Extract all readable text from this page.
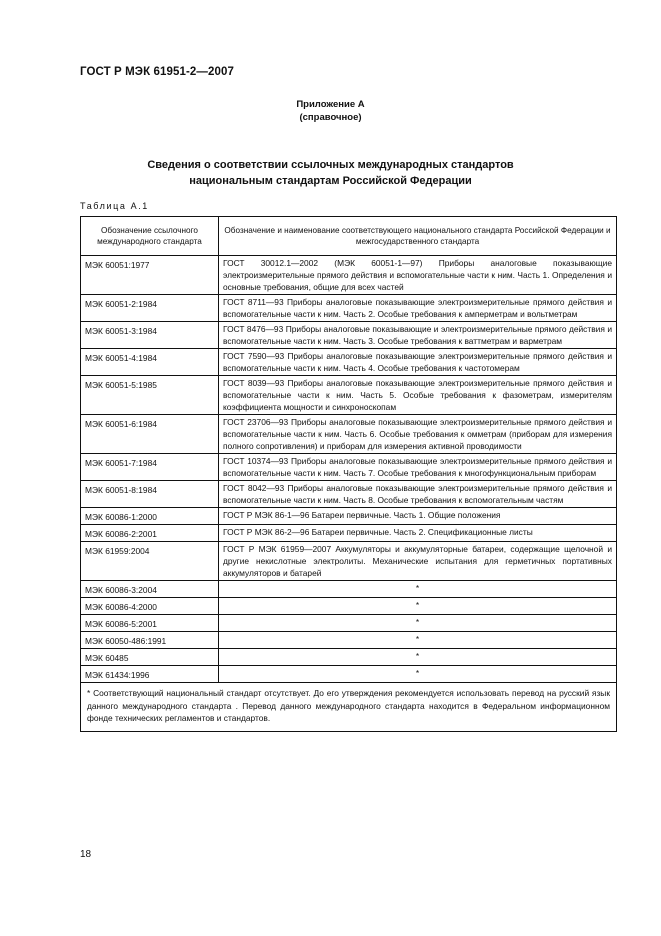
ГОСТ Р МЭК 61951-2—2007
Приложение А
(справочное)
Сведения о соответствии ссылочных международных стандартов
национальным стандартам Российской Федерации
Таблица А.1
Обозначение ссылочного международного стандарта	Обозначение и наименование соответствующего национального стандарта Российской Федерации и межгосударственного стандарта
МЭК 60051:1977	ГОСТ 30012.1—2002 (МЭК 60051-1—97) Приборы аналоговые показывающие электроизмерительные прямого действия и вспомогательные части к ним. Часть 1. Определения и основные требования, общие для всех частей
МЭК 60051-2:1984	ГОСТ 8711—93 Приборы аналоговые показывающие электроизмерительные прямого действия и вспомогательные части к ним. Часть 2. Особые требования к амперметрам и вольтметрам
МЭК 60051-3:1984	ГОСТ 8476—93 Приборы аналоговые показывающие и электроизмерительные прямого действия и вспомогательные части к ним. Часть 3. Особые требования к ваттметрам и варметрам
МЭК 60051-4:1984	ГОСТ 7590—93 Приборы аналоговые показывающие электроизмерительные прямого действия и вспомогательные части к ним. Часть 4. Особые требования к частотомерам
МЭК 60051-5:1985	ГОСТ 8039—93 Приборы аналоговые показывающие электроизмерительные прямого действия и вспомогательные части к ним. Часть 5. Особые требования к фазометрам, измерителям коэффициента мощности и синхроноскопам
МЭК 60051-6:1984	ГОСТ 23706—93 Приборы аналоговые показывающие электроизмерительные прямого действия и вспомогательные части к ним. Часть 6. Особые требования к омметрам (приборам для измерения полного сопротивления) и приборам для измерения активной проводимости
МЭК 60051-7:1984	ГОСТ 10374—93 Приборы аналоговые показывающие электроизмерительные прямого действия и вспомогательные части к ним. Часть 7. Особые требования к многофункциональным приборам
МЭК 60051-8:1984	ГОСТ 8042—93 Приборы аналоговые показывающие электроизмерительные прямого действия и вспомогательные части к ним. Часть 8. Особые требования к вспомогательным частям
МЭК 60086-1:2000	ГОСТ Р МЭК 86-1—96 Батареи первичные. Часть 1. Общие положения
МЭК 60086-2:2001	ГОСТ Р МЭК 86-2—96 Батареи первичные. Часть 2. Спецификационные листы
МЭК 61959:2004	ГОСТ Р МЭК 61959—2007 Аккумуляторы и аккумуляторные батареи, содержащие щелочной и другие некислотные электролиты. Механические испытания для герметичных портативных аккумуляторов и батарей
МЭК 60086-3:2004	*
МЭК 60086-4:2000	*
МЭК 60086-5:2001	*
МЭК 60050-486:1991	*
МЭК 60485	*
МЭК 61434:1996	*
* Соответствующий национальный стандарт отсутствует. До его утверждения рекомендуется использовать перевод на русский язык данного международного стандарта . Перевод данного международного стандарта находится в Федеральном информационном фонде технических регламентов и стандартов.	
18
